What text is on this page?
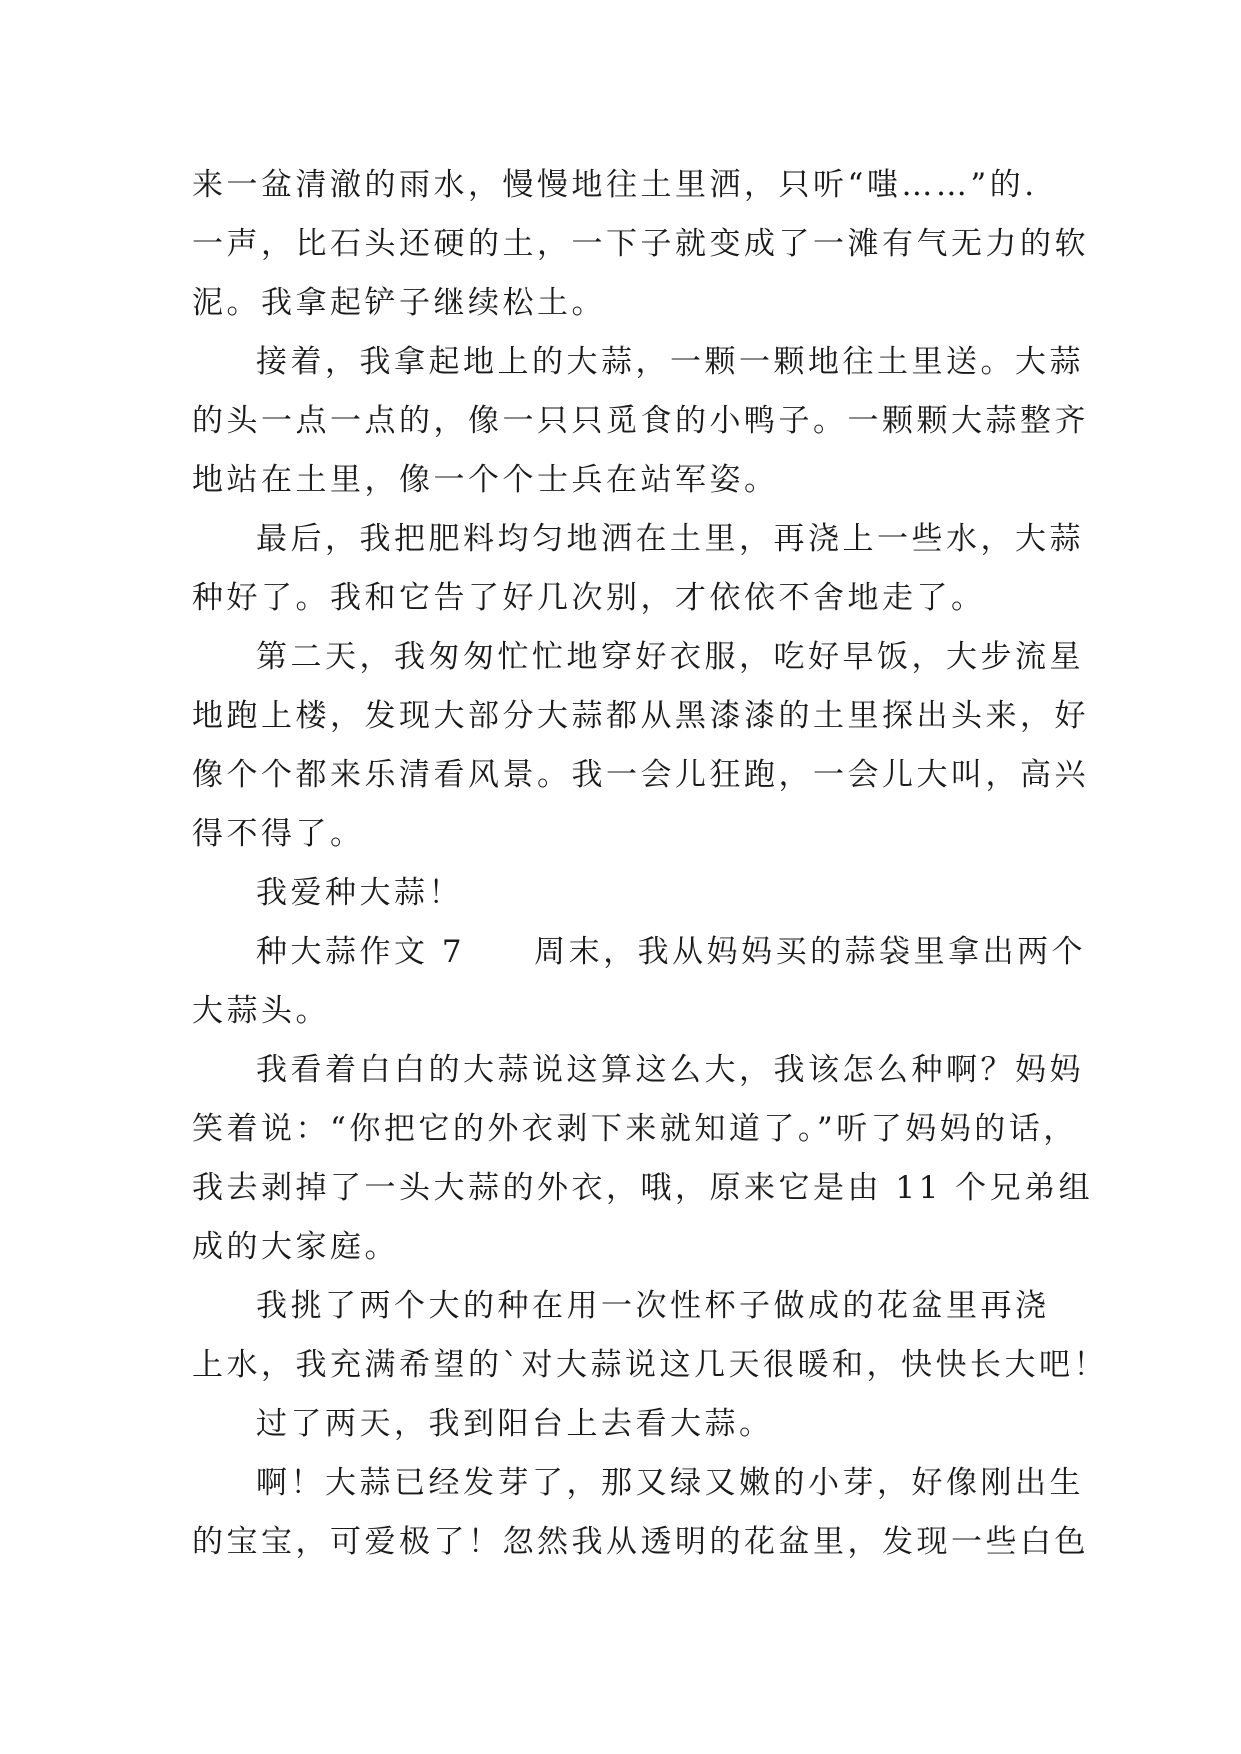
来一盆清澈的雨水，慢慢地往土里洒，只听“嗤……”的.
一声，比石头还硬的土，一下子就变成了一滩有气无力的软
泥。我拿起铲子继续松土。
接着，我拿起地上的大蒜，一颗一颗地往土里送。大蒜
的头一点一点的，像一只只觅食的小鸭子。一颗颗大蒜整齐
地站在土里，像一个个士兵在站军姿。
最后，我把肥料均匀地洒在土里，再浇上一些水，大蒜
种好了。我和它告了好几次别，才依依不舍地走了。
第二天，我匆匆忙忙地穿好衣服，吃好早饭，大步流星
地跑上楼，发现大部分大蒜都从黑漆漆的土里探出头来，好
像个个都来乐清看风景。我一会儿狂跑，一会儿大叫，高兴
得不得了。
我爱种大蒜！
种大蒜作文 7　　周末，我从妈妈买的蒜袋里拿出两个
大蒜头。
我看着白白的大蒜说这算这么大，我该怎么种啊？妈妈
笑着说：“你把它的外衣剥下来就知道了。”听了妈妈的话，
我去剥掉了一头大蒜的外衣，哦，原来它是由 11 个兄弟组
成的大家庭。
我挑了两个大的种在用一次性杯子做成的花盆里再浇
上水，我充满希望的`对大蒜说这几天很暖和，快快长大吧！
过了两天，我到阳台上去看大蒜。
啊！大蒜已经发芽了，那又绿又嫩的小芽，好像刚出生
的宝宝，可爱极了！忽然我从透明的花盆里，发现一些白色
